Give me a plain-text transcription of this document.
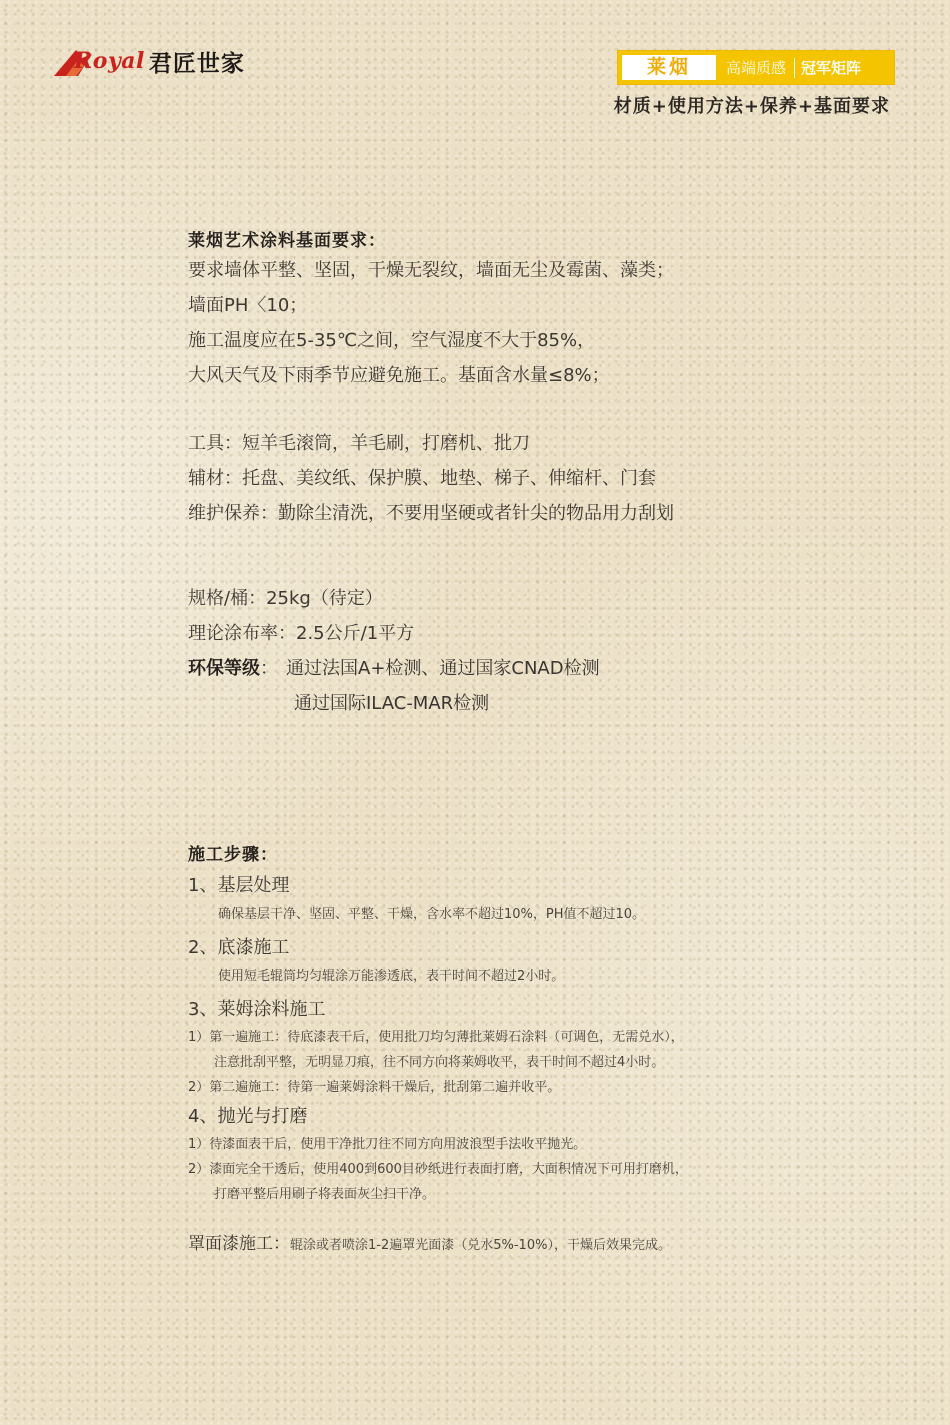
Royal 君匠世家	莱烟	高端质感 冠军矩阵
材质+使用方法+保养+基面要求
莱烟艺术涂料基面要求：
要求墙体平整、坚固，干燥无裂纹，墙面无尘及霉菌、藻类；
墙面PH〈10；
施工温度应在5-35℃之间，空气湿度不大于85%，
大风天气及下雨季节应避免施工。基面含水量≤8%；
工具：短羊毛滚筒，羊毛刷，打磨机、批刀
辅材：托盘、美纹纸、保护膜、地垫、梯子、伸缩杆、门套
维护保养：勤除尘清洗，不要用坚硬或者针尖的物品用力刮划
规格/桶：25kg（待定）
理论涂布率：2.5公斤/1平方
环保等级 ： 通过法国A+检测、通过国家CNAD检测
通过国际ILAC-MAR检测
施工步骤：
1、基层处理
确保基层干净、坚固、平整、干燥，含水率不超过10%，PH值不超过10。
2、底漆施工
使用短毛辊筒均匀辊涂万能渗透底，表干时间不超过2小时。
3、莱姆涂料施工
1）第一遍施工：待底漆表干后，使用批刀均匀薄批莱姆石涂料（可调色，无需兑水），
注意批刮平整，无明显刀痕，往不同方向将莱姆收平，表干时间不超过4小时。
2）第二遍施工：待第一遍莱姆涂料干燥后，批刮第二遍并收平。
4、抛光与打磨
1）待漆面表干后，使用干净批刀往不同方向用波浪型手法收平抛光。
2）漆面完全干透后，使用400到600目砂纸进行表面打磨，大面积情况下可用打磨机，
打磨平整后用刷子将表面灰尘扫干净。
罩面漆施工：辊涂或者喷涂1-2遍罩光面漆（兑水5%-10%），干燥后效果完成。
